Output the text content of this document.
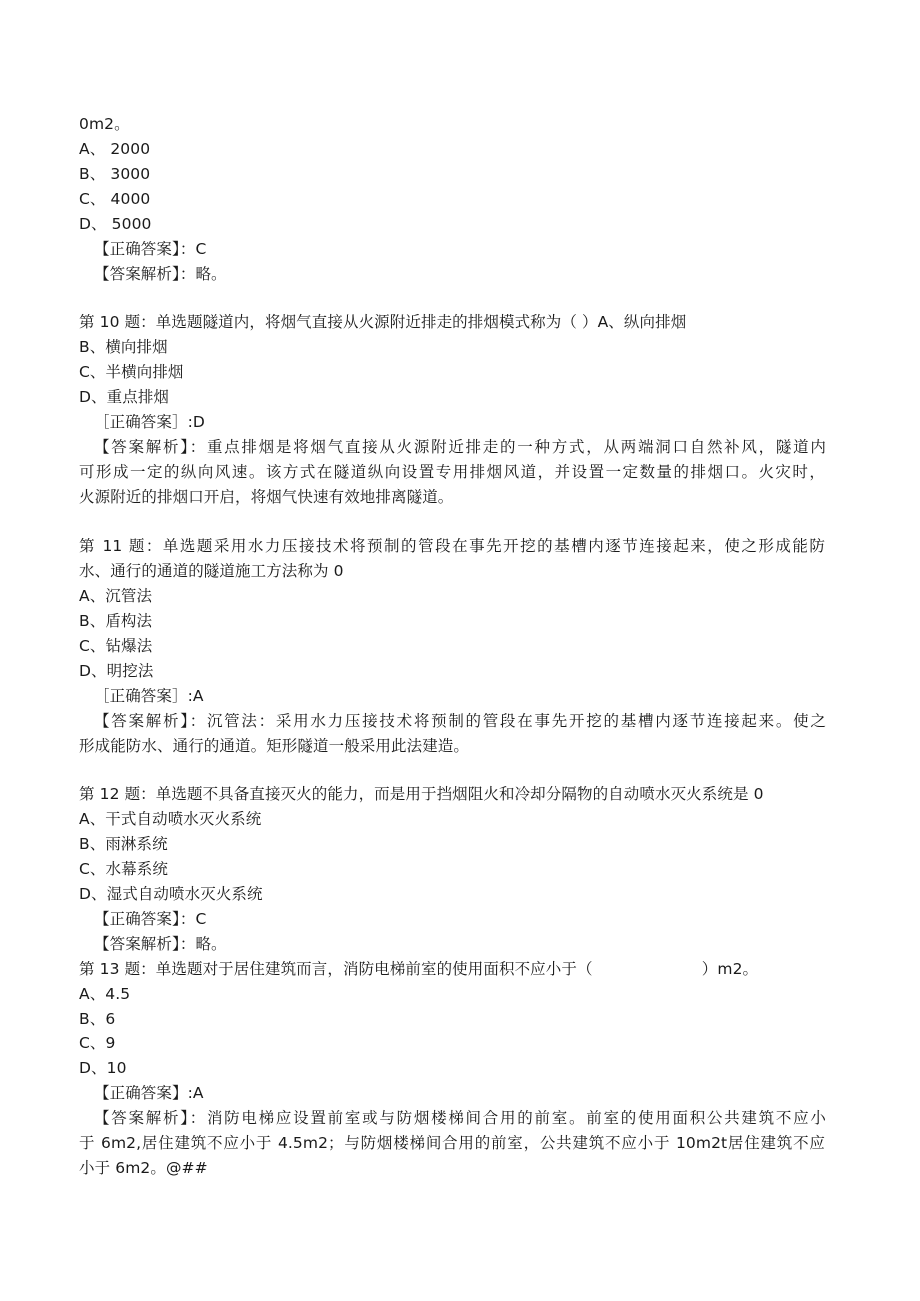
0m2。

A、 2000

B、 3000

C、 4000

D、 5000

【正确答案】：C

【答案解析】：略。

第 10 题：单选题隧道内，将烟气直接从火源附近排走的排烟模式称为（ ）A、纵向排烟

B、横向排烟

C、半横向排烟

D、重点排烟

［正确答案］:D

【答案解析】：重点排烟是将烟气直接从火源附近排走的一种方式，从两端洞口自然补风，隧道内

可形成一定的纵向风速。该方式在隧道纵向设置专用排烟风道，并设置一定数量的排烟口。火灾时，

火源附近的排烟口开启，将烟气快速有效地排离隧道。

第 11 题：单选题采用水力压接技术将预制的管段在事先开挖的基槽内逐节连接起来，使之形成能防

水、通行的通道的隧道施工方法称为 0

A、沉管法

B、盾构法

C、钻爆法

D、明挖法

［正确答案］:A

【答案解析】：沉管法：采用水力压接技术将预制的管段在事先开挖的基槽内逐节连接起来。使之

形成能防水、通行的通道。矩形隧道一般采用此法建造。

第 12 题：单选题不具备直接灭火的能力，而是用于挡烟阻火和冷却分隔物的自动喷水灭火系统是 0

A、干式自动喷水灭火系统

B、雨淋系统

C、水幕系统

D、湿式自动喷水灭火系统

【正确答案】：C

【答案解析】：略。

第 13 题：单选题对于居住建筑而言，消防电梯前室的使用面积不应小于（　　　　　　　）m2。

A、4.5

B、6

C、9

D、10

【正确答案】:A

【答案解析】：消防电梯应设置前室或与防烟楼梯间合用的前室。前室的使用面积公共建筑不应小

于 6m2,居住建筑不应小于 4.5m2；与防烟楼梯间合用的前室，公共建筑不应小于 10m2t居住建筑不应

小于 6m2。@##
